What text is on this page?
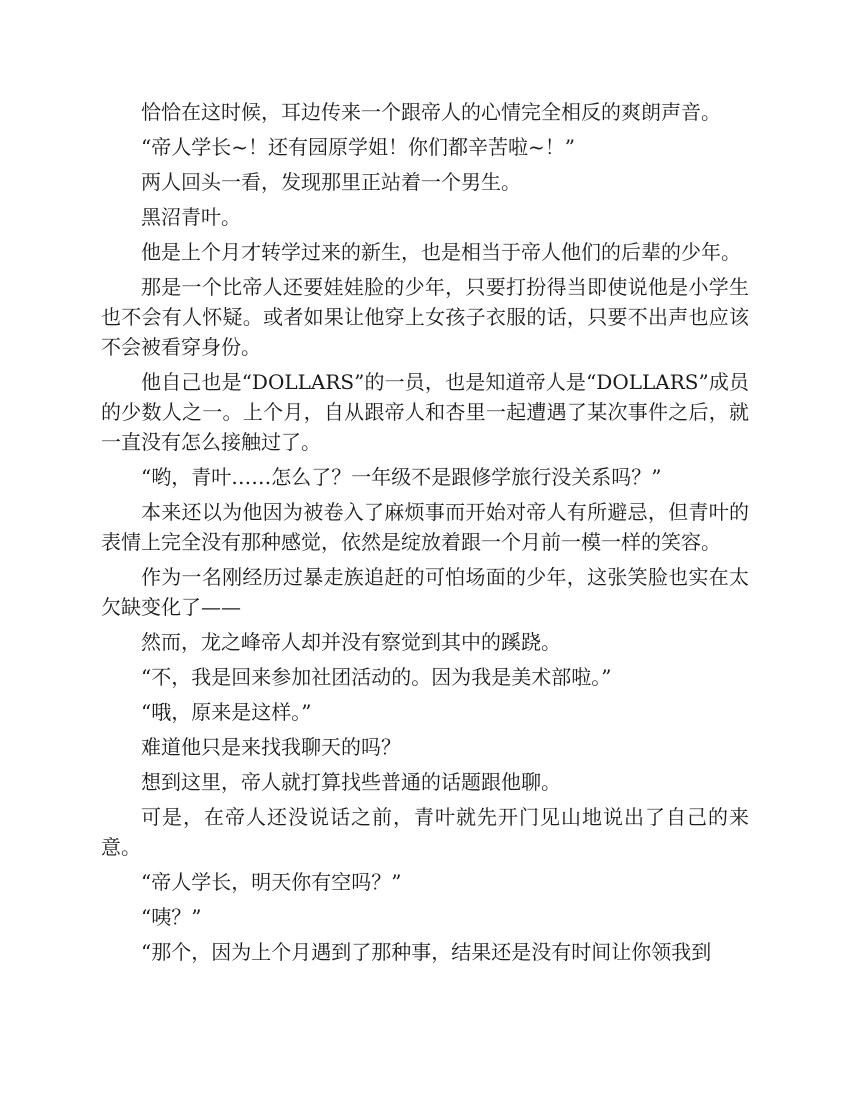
恰恰在这时候，耳边传来一个跟帝人的心情完全相反的爽朗声音。

“帝人学长~！还有园原学姐！你们都辛苦啦~！”

两人回头一看，发现那里正站着一个男生。

黑沼青叶。

他是上个月才转学过来的新生，也是相当于帝人他们的后辈的少年。

那是一个比帝人还要娃娃脸的少年，只要打扮得当即使说他是小学生也不会有人怀疑。或者如果让他穿上女孩子衣服的话，只要不出声也应该不会被看穿身份。

他自己也是“DOLLARS”的一员，也是知道帝人是“DOLLARS”成员的少数人之一。上个月，自从跟帝人和杏里一起遭遇了某次事件之后，就一直没有怎么接触过了。

“哟，青叶……怎么了？一年级不是跟修学旅行没关系吗？”

本来还以为他因为被卷入了麻烦事而开始对帝人有所避忌，但青叶的表情上完全没有那种感觉，依然是绽放着跟一个月前一模一样的笑容。

作为一名刚经历过暴走族追赶的可怕场面的少年，这张笑脸也实在太欠缺变化了——

然而，龙之峰帝人却并没有察觉到其中的蹊跷。

“不，我是回来参加社团活动的。因为我是美术部啦。”

“哦，原来是这样。”

难道他只是来找我聊天的吗？

想到这里，帝人就打算找些普通的话题跟他聊。

可是，在帝人还没说话之前，青叶就先开门见山地说出了自己的来意。

“帝人学长，明天你有空吗？”

“咦？”

“那个，因为上个月遇到了那种事，结果还是没有时间让你领我到
